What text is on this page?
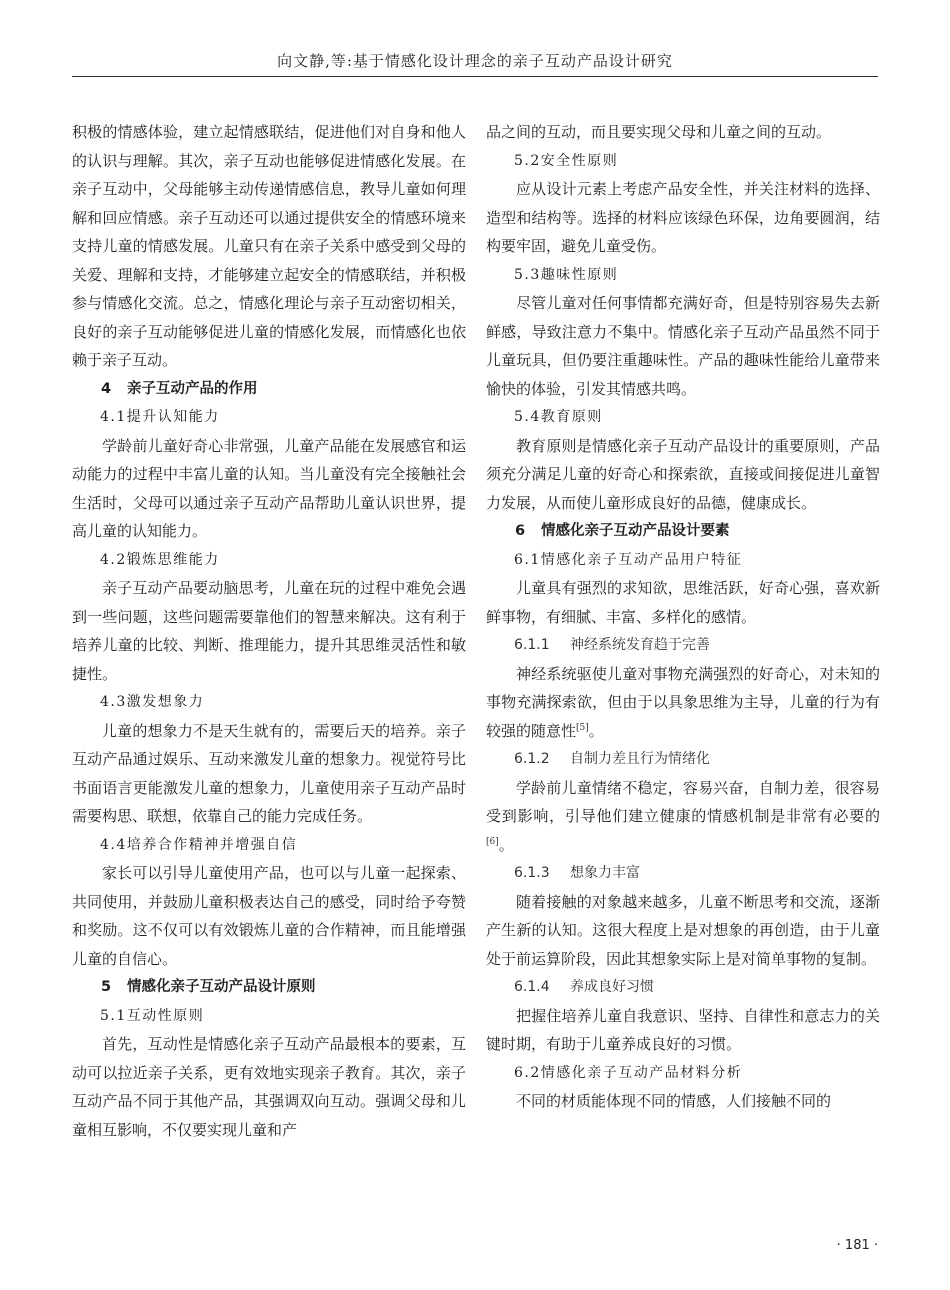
向文静,等:基于情感化设计理念的亲子互动产品设计研究

积极的情感体验，建立起情感联结，促进他们对自身和他人的认识与理解。其次，亲子互动也能够促进情感化发展。在亲子互动中，父母能够主动传递情感信息，教导儿童如何理解和回应情感。亲子互动还可以通过提供安全的情感环境来支持儿童的情感发展。儿童只有在亲子关系中感受到父母的关爱、理解和支持，才能够建立起安全的情感联结，并积极参与情感化交流。总之，情感化理论与亲子互动密切相关，良好的亲子互动能够促进儿童的情感化发展，而情感化也依赖于亲子互动。

4 亲子互动产品的作用
4.1提升认知能力

学龄前儿童好奇心非常强，儿童产品能在发展感官和运动能力的过程中丰富儿童的认知。当儿童没有完全接触社会生活时，父母可以通过亲子互动产品帮助儿童认识世界，提高儿童的认知能力。

4.2锻炼思维能力

亲子互动产品要动脑思考，儿童在玩的过程中难免会遇到一些问题，这些问题需要靠他们的智慧来解决。这有利于培养儿童的比较、判断、推理能力，提升其思维灵活性和敏捷性。

4.3激发想象力

儿童的想象力不是天生就有的，需要后天的培养。亲子互动产品通过娱乐、互动来激发儿童的想象力。视觉符号比书面语言更能激发儿童的想象力，儿童使用亲子互动产品时需要构思、联想，依靠自己的能力完成任务。

4.4培养合作精神并增强自信

家长可以引导儿童使用产品，也可以与儿童一起探索、共同使用，并鼓励儿童积极表达自己的感受，同时给予夸赞和奖励。这不仅可以有效锻炼儿童的合作精神，而且能增强儿童的自信心。

5 情感化亲子互动产品设计原则
5.1互动性原则

首先，互动性是情感化亲子互动产品最根本的要素，互动可以拉近亲子关系，更有效地实现亲子教育。其次，亲子互动产品不同于其他产品，其强调双向互动。强调父母和儿童相互影响，不仅要实现儿童和产

品之间的互动，而且要实现父母和儿童之间的互动。

5.2安全性原则

应从设计元素上考虑产品安全性，并关注材料的选择、造型和结构等。选择的材料应该绿色环保，边角要圆润，结构要牢固，避免儿童受伤。

5.3趣味性原则

尽管儿童对任何事情都充满好奇，但是特别容易失去新鲜感，导致注意力不集中。情感化亲子互动产品虽然不同于儿童玩具，但仍要注重趣味性。产品的趣味性能给儿童带来愉快的体验，引发其情感共鸣。

5.4教育原则

教育原则是情感化亲子互动产品设计的重要原则，产品须充分满足儿童的好奇心和探索欲，直接或间接促进儿童智力发展，从而使儿童形成良好的品德，健康成长。

6 情感化亲子互动产品设计要素
6.1情感化亲子互动产品用户特征

儿童具有强烈的求知欲，思维活跃，好奇心强，喜欢新鲜事物，有细腻、丰富、多样化的感情。

6.1.1 神经系统发育趋于完善

神经系统驱使儿童对事物充满强烈的好奇心，对未知的事物充满探索欲，但由于以具象思维为主导，儿童的行为有较强的随意性[5]。

6.1.2 自制力差且行为情绪化

学龄前儿童情绪不稳定，容易兴奋，自制力差，很容易受到影响，引导他们建立健康的情感机制是非常有必要的[6]。

6.1.3 想象力丰富

随着接触的对象越来越多，儿童不断思考和交流，逐渐产生新的认知。这很大程度上是对想象的再创造，由于儿童处于前运算阶段，因此其想象实际上是对简单事物的复制。

6.1.4 养成良好习惯

把握住培养儿童自我意识、坚持、自律性和意志力的关键时期，有助于儿童养成良好的习惯。

6.2情感化亲子互动产品材料分析

不同的材质能体现不同的情感，人们接触不同的

· 181 ·
